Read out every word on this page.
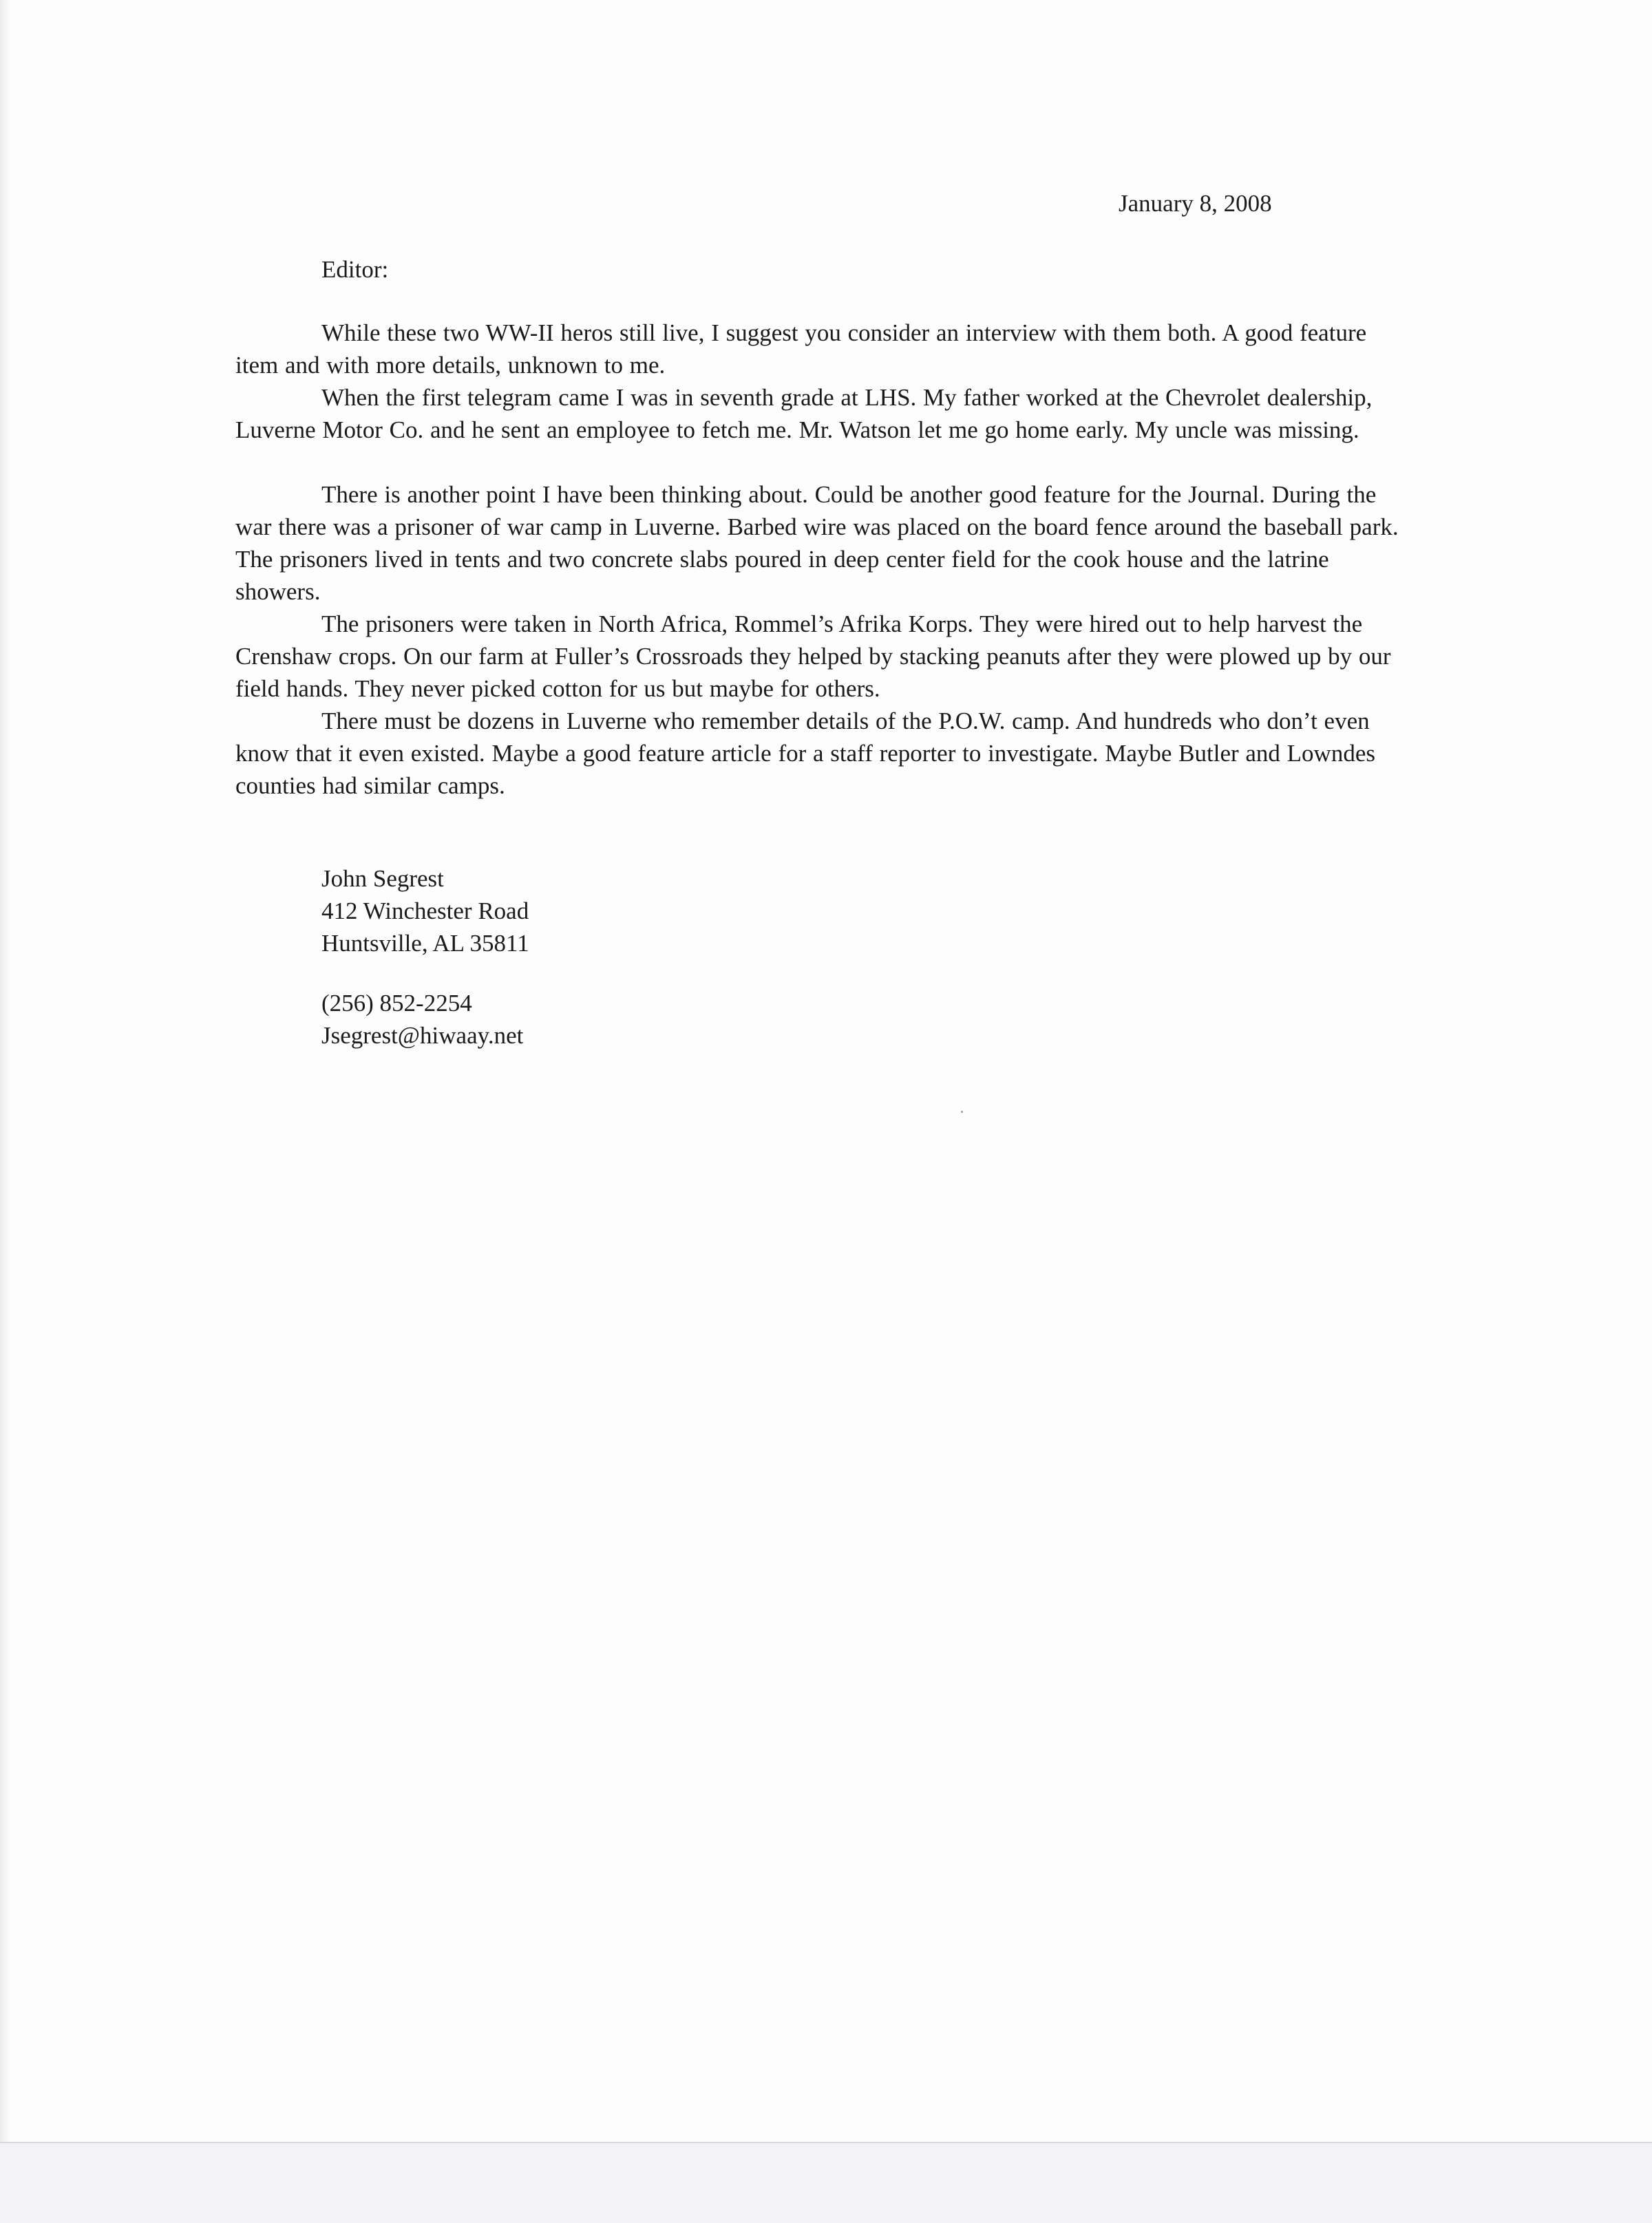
January 8, 2008
Editor:

While these two WW-II heros still live, I suggest you consider an interview with them both. A good feature item and with more details, unknown to me.

When the first telegram came I was in seventh grade at LHS. My father worked at the Chevrolet dealership, Luverne Motor Co. and he sent an employee to fetch me. Mr. Watson let me go home early. My uncle was missing.

There is another point I have been thinking about. Could be another good feature for the Journal. During the war there was a prisoner of war camp in Luverne. Barbed wire was placed on the board fence around the baseball park. The prisoners lived in tents and two concrete slabs poured in deep center field for the cook house and the latrine showers.

The prisoners were taken in North Africa, Rommel’s Afrika Korps. They were hired out to help harvest the Crenshaw crops. On our farm at Fuller’s Crossroads they helped by stacking peanuts after they were plowed up by our field hands. They never picked cotton for us but maybe for others.

There must be dozens in Luverne who remember details of the P.O.W. camp. And hundreds who don’t even know that it even existed. Maybe a good feature article for a staff reporter to investigate. Maybe Butler and Lowndes counties had similar camps.

John Segrest
412 Winchester Road
Huntsville, AL 35811
(256) 852-2254
Jsegrest@hiwaay.net
